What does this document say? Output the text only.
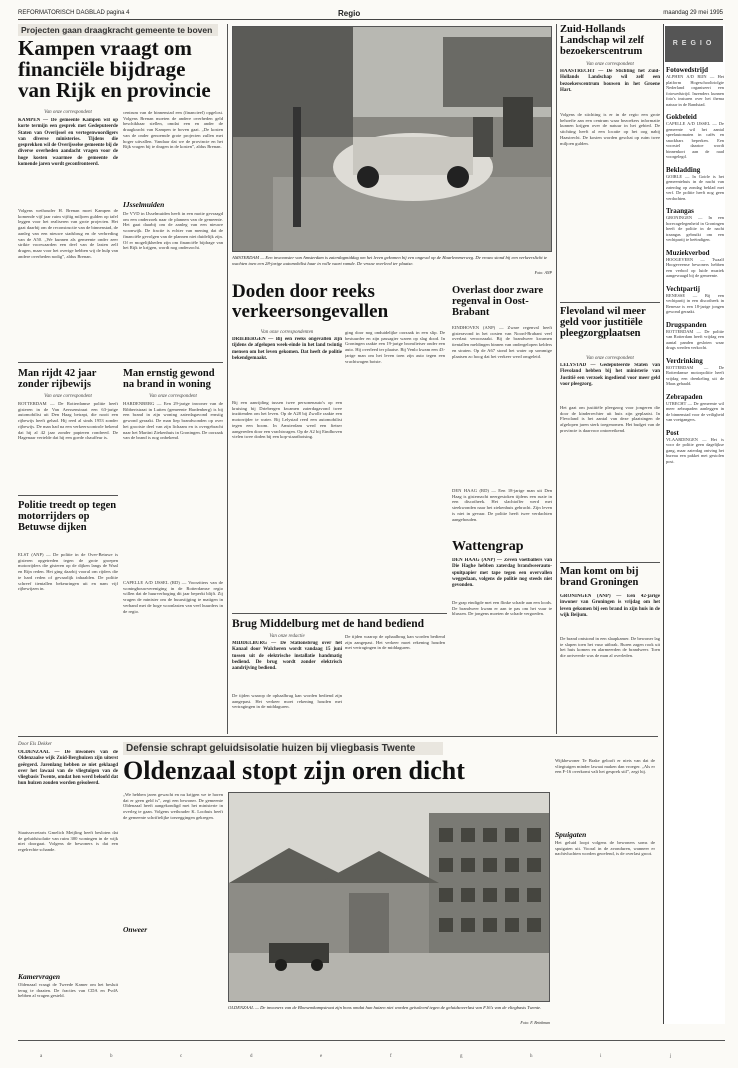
REFORMATORISCH DAGBLAD pagina 4	Regio	maandag 29 mei 1995
Projecten gaan draagkracht gemeente te boven
Kampen vraagt om financiële bijdrage van Rijk en provincie
Van onze correspondent
KAMPEN — De gemeente Kampen wil op korte termijn een gesprek met Gedeputeerde Staten van Overijssel en vertegenwoordigers van diverse ministeries. Tijdens die gesprekken wil de Overijsselse gemeente bij de diverse overheden aandacht vragen voor de hoge kosten waarmee de gemeente de komende jaren wordt geconfronteerd.
Volgens wethouder H. Brenan moet Kampen de komende vijf jaar ruim vijftig miljoen gulden op tafel leggen voor het realiseren van grote projecten. Het gaat daarbij om de reconstructie van de binnenstad, de aanleg van een nieuwe stadsbrug en de verbreding van de A50. „We kunnen als gemeente onder zeer strikte voorwaarden een deel van de lasten zelf dragen, maar voor het overige hebben wij de hulp van andere overheden nodig”, aldus Brenan.
centrum van de binnenstad een (financieel) opgelost. Volgens Brenan moeten de andere overheden geld beschikbaar stellen, omdat een en ander de draagkracht van Kampen te boven gaat. „De kosten van de onder genoemde grote projecten zullen met hoger uitvallen. Vandaar dat we de provincie en het Rijk vragen bij te dragen in de kosten”, aldus Brenan.
IJsselmuiden
De VVD in IJsselmuiden heeft in een motie gevraagd om een onderzoek naar de plannen van de gemeente. Het gaat daarbij om de aanleg van een nieuwe woonwijk. De fractie is echter van mening dat de financiële gevolgen van de plannen niet duidelijk zijn. Of er mogelijkheden zijn om financiële bijdrage van het Rijk te krijgen, wordt nog onderzocht.
Man rijdt 42 jaar zonder rijbewijs
Van onze correspondent
ROTTERDAM — De Rotterdamse politie heeft gisteren in de Van Aerssenstraat een 63-jarige automobilist uit Den Haag betrapt, die nooit een rijbewijs heeft gehad. Hij reed al sinds 1953 zonder rijbewijs. De man had na een verkeerscontrole bekend dat hij al 42 jaar zonder papieren rondreed. De Hagenaar vertelde dat hij een goede chauffeur is.
Politie treedt op tegen motorrijders op Betuwse dijken
ELST (ANP) — De politie in de Over-Betuwe is gisteren opgetreden tegen de grote groepen motorrijders die gisteren op de dijken langs de Waal en Rijn reden. Het ging daarbij vooral om rijders die te hard reden of gevaarlijk inhaalden. De politie schreef tientallen bekeuringen uit en nam vijf rijbewijzen in.
Man ernstig gewond na brand in woning
Van onze correspondent
HARDENBERG — Een 29-jarige inwoner van de Ribbertstraat in Lutten (gemeente Hardenberg) is bij een brand in zijn woning zaterdagavond ernstig gewond geraakt. De man liep brandwonden op over het grootste deel van zijn lichaam en is overgebracht naar het Martini Ziekenhuis in Groningen. De oorzaak van de brand is nog onbekend.
CAPELLE A/D IJSSEL (RD) — Voorzitters van de woningbouwvereniging in de Rotterdamse regio willen dat de huurverhoging dit jaar beperkt blijft. Zij vragen de minister om de huurstijging te matigen in verband met de hoge woonlasten van veel huurders in de regio.
AMSTERDAM — Een inwoonster van Amsterdam is zaterdagmiddag om het leven gekomen bij een ongeval op de Haarlemmerweg. De vrouw stond bij een verkeerslicht te wachten toen een 28-jarige automobilist haar in volle vaart ramde. De vrouw overleed ter plaatse.
Foto: ANP
Doden door reeks verkeersongevallen
Van onze correspondenten
DRIEBERGEN — Bij een reeks ongevallen zijn tijdens de afgelopen week-einde in het land twintig mensen om het leven gekomen. Dat heeft de politie bekendgemaakt.
Bij een aanrijding tussen twee personenauto's op een kruising bij Driebergen kwamen zaterdagavond twee inzittenden om het leven. Op de A28 bij Zwolle raakte een motorrijder te water. Bij Lelystad reed een automobilist tegen een boom. In Amsterdam werd een fietser aangereden door een vrachtwagen. Op de A2 bij Eindhoven vielen twee doden bij een kop-staartbotsing.
ging door nog onduidelijke oorzaak in een slip. De bestuurder en zijn passagier waren op slag dood. In Groningen raakte een 19-jarige bromfietser onder een auto. Hij overleed ter plaatse. Bij Venlo kwam een 43-jarige man om het leven toen zijn auto tegen een vrachtwagen botste.
Brug Middelburg met de hand bediend
Van onze redactie
MIDDELBURG — De Stationsbrug over het Kanaal door Walcheren wordt vandaag 15 juni tussen uit de elektrische installatie handmatig bediend. De brug wordt zonder elektrisch aandrijving bediend.
De tijden waarop de ophaalbrug kan worden bediend zijn aangepast. Het verkeer moet rekening houden met vertragingen in de middaguren.
De tijden waarop de ophaalbrug kan worden bediend zijn aangepast. Het verkeer moet rekening houden met vertragingen in de middaguren.
Overlast door zware regenval in Oost-Brabant
EINDHOVEN (ANP) — Zware regenval heeft gisteravond in het oosten van Noord-Brabant veel overlast veroorzaakt. Bij de brandweer kwamen tientallen meldingen binnen van ondergelopen kelders en straten. Op de A67 stond het water op sommige plaatsen zo hoog dat het verkeer werd omgeleid.
DEN HAAG (RD) — Een 18-jarige man uit Den Haag is gisternacht neergestoken tijdens een ruzie in een discotheek. Het slachtoffer werd met steekwonden naar het ziekenhuis gebracht. Zijn leven is niet in gevaar. De politie heeft twee verdachten aangehouden.
Wattengrap
DEN HAAG (ANP) — Zeven voetballers van Die Haghe hebben zaterdag brandweerauto-spuitpapier met tape tegen een overvallen weggedaan, volgens de politie nog steeds niet gevonden.
De grap eindigde met een flinke schade aan een loods. De brandweer kwam er aan te pas om het vuur te blussen. De jongens moeten de schade vergoeden.
Zuid-Hollands Landschap wil zelf bezoekerscentrum
Van onze correspondent
HAASTRECHT — De Stichting het Zuid-Hollands Landschap wil zelf een bezoekerscentrum bouwen in het Groene Hart.
Volgens de stichting is er in de regio een grote behoefte aan een centrum waar bezoekers informatie kunnen krijgen over de natuur in het gebied. De stichting heeft al een locatie op het oog nabij Haastrecht. De kosten worden geschat op ruim twee miljoen gulden.
Flevoland wil meer geld voor justitiële pleegzorgplaatsen
Van onze correspondent
LELYSTAD — Gedeputeerde Staten van Flevoland hebben bij het ministerie van Justitië een verzoek ingediend voor meer geld voor pleegzorg.
Het gaat om justitiële pleegzorg voor jongeren die door de kinderrechter uit huis zijn geplaatst. In Flevoland is het aantal van deze plaatsingen de afgelopen jaren sterk toegenomen. Het budget van de provincie is daarvoor ontoereikend.
Man komt om bij brand Groningen
GRONINGEN (ANP) — Een 42-jarige inwoner van Groningen is vrijdag om het leven gekomen bij een brand in zijn huis in de wijk Beijum.
De brand ontstond in een slaapkamer. De bewoner lag te slapen toen het vuur uitbrak. Buren zagen rook uit het huis komen en alarmeerden de brandweer. Toen die arriveerde was de man al overleden.
REGIO
Fotowedstrijd
ALPHEN A/D RIJN — Het platform Hogeschooltriolgie Nederland organiseert een fotowedstrijd. Inzenders kunnen foto's insturen over het thema natuur in de Randstad.
Gokbeleid
CAPELLE A/D IJSSEL — De gemeente wil het aantal speelautomaten in cafés en snackbars beperken. Een voorstel daartoe wordt binnenkort aan de raad voorgelegd.
Bekladding
GOIRLE — In Goirle is het gemeentehuis in de nacht van zaterdag op zondag beklad met verf. De politie heeft nog geen verdachten.
Traangas
GRONINGEN — In een horecagelegenheid in Groningen heeft de politie in de nacht traangas gebruikt om een vechtpartij te beëindigen.
Muziekverbod
HOOGEVEEN — Twaalf Hoogeveense bewoners hebben een verbod op luide muziek aangevraagd bij de gemeente.
Vechtpartij
RENESSE — Bij een vechtpartij in een discotheek in Renesse is een 18-jarige jongen gewond geraakt.
Drugspanden
ROTTERDAM — De politie van Rotterdam heeft vrijdag een aantal panden gesloten waar drugs werden verkocht.
Verdrinking
ROTTERDAM — De Rotterdamse motorpolitie heeft vrijdag een drenkeling uit de Maas gehaald.
Zebrapaden
UTRECHT — De gemeente wil meer zebrapaden aanleggen in de binnenstad voor de veiligheid van voetgangers.
Post
VLAARDINGEN — Het is voor de politie geen dagelijkse gang, maar zaterdag ontving het bureau een pakket met gestolen post.
Door Els Dekker
OLDENZAAL — De inwoners van de Oldenzaalse wijk Zuid-Berghuizen zijn uiterst geërgerd. Jarenlang hebben ze niet geklaagd over het lawaai van de vliegtuigen van de vliegbasis Twente, omdat hen werd beloofd dat hun huizen zouden worden geïsoleerd.
Staatssecretaris Gmelich Meijling heeft besloten dat de geluidsisolatie van ruim 300 woningen in de wijk niet doorgaat. Volgens de bewoners is dat een regelrechte schande.
Kamervragen
Oldenzaal vraagt de Tweede Kamer om het besluit terug te draaien. De fracties van CDA en PvdA hebben al vragen gesteld.
Defensie schrapt geluidsisolatie huizen bij vliegbasis Twente
Oldenzaal stopt zijn oren dicht
„We hebben jaren gewacht en nu krijgen we te horen dat er geen geld is”, zegt een bewoner. De gemeente Oldenzaal heeft aangekondigd met het ministerie in overleg te gaan. Volgens wethouder K. Loohuis heeft de gemeente schriftelijke toezeggingen gekregen.
Onweer
Spuigaten
Het geluid loopt volgens de bewoners soms de spuigaten uit. Vooral in de avonduren, wanneer er nachtvluchten worden geoefend, is de overlast groot.
Wijkbewoner Te Brake gelooft er niets van dat de vliegtuigen minder lawaai maken dan vroeger. „Als er een F-16 overkomt valt het gesprek stil”, zegt hij.
OLDENZAAL — De inwoners van de Bloesemkampstraat zijn boos omdat hun huizen niet worden geïsoleerd tegen de geluidsoverlast van F16's van de vliegbasis Twente.
Foto: F. Brinkman
a	b	c	d	e	f	g	h	i	j
